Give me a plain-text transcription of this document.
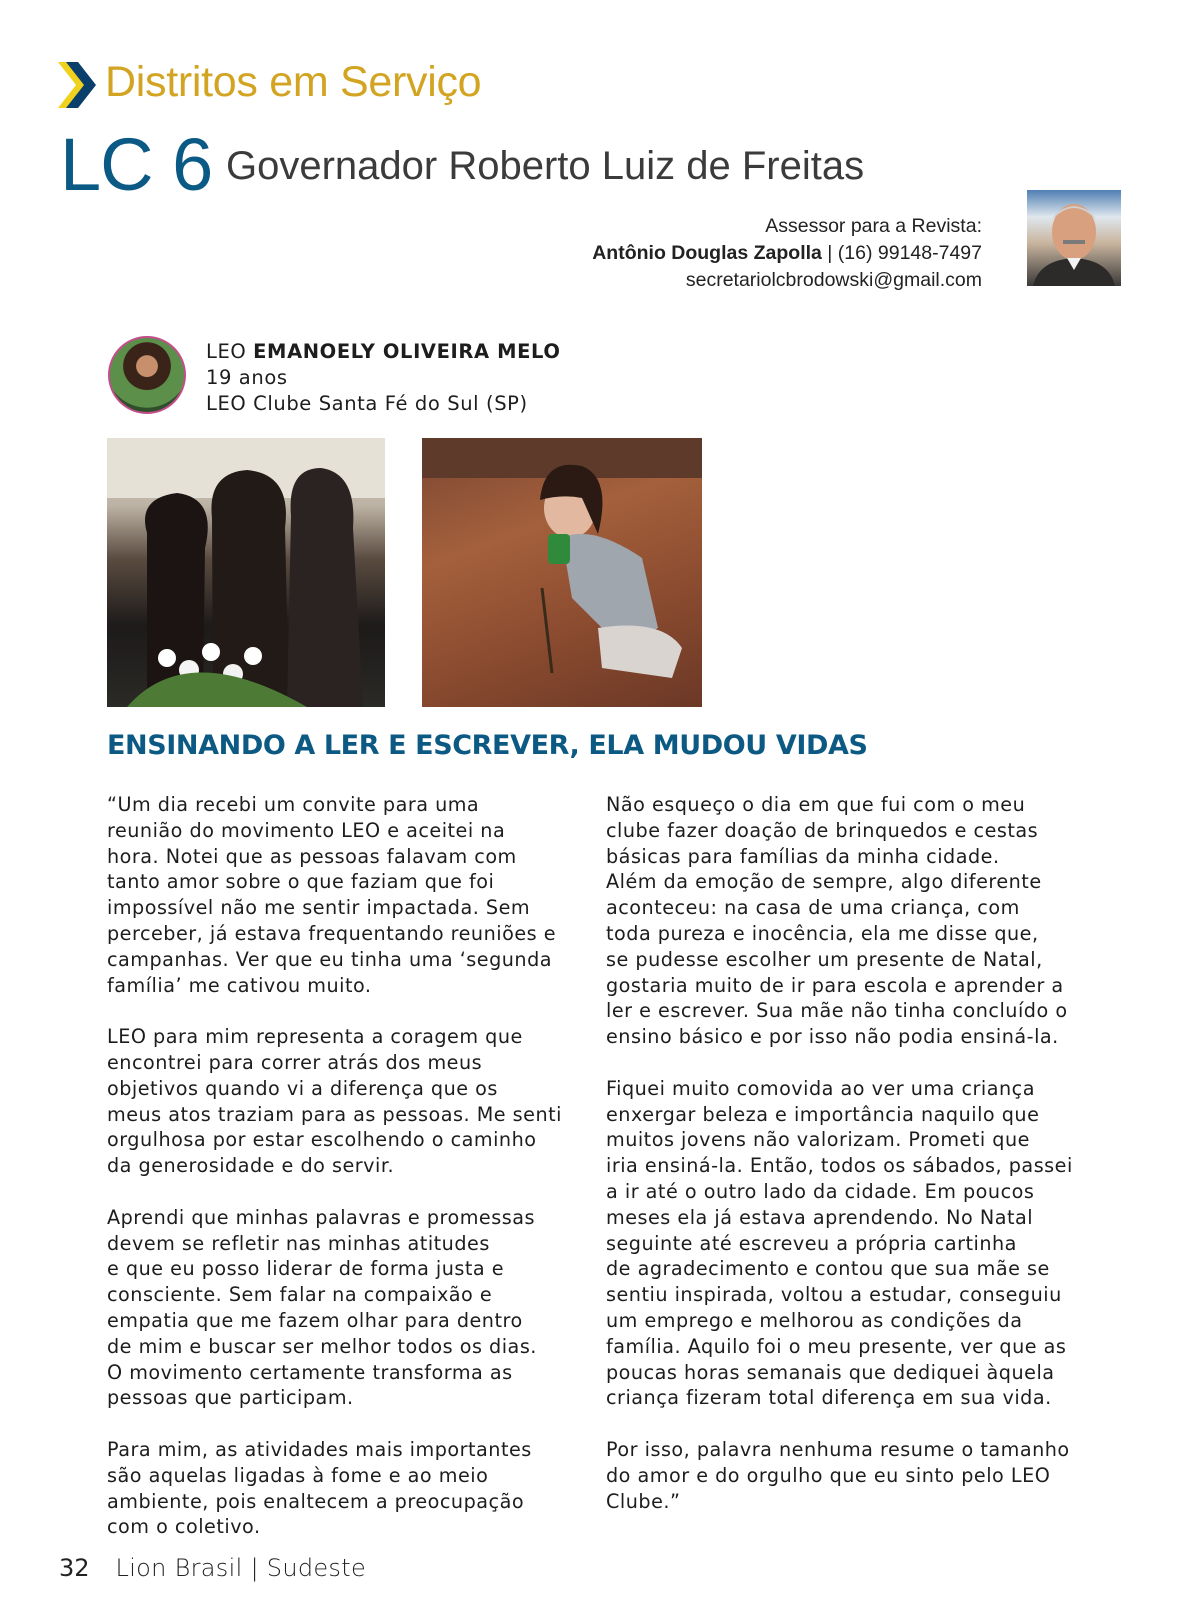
Distritos em Serviço
LC 6 Governador Roberto Luiz de Freitas
Assessor para a Revista:
Antônio Douglas Zapolla | (16) 99148-7497
secretariolcbrodowski@gmail.com
LEO EMANOELY OLIVEIRA MELO
19 anos
LEO Clube Santa Fé do Sul (SP)
ENSINANDO A LER E ESCREVER, ELA MUDOU VIDAS

“Um dia recebi um convite para uma
reunião do movimento LEO e aceitei na
hora. Notei que as pessoas falavam com
tanto amor sobre o que faziam que foi
impossível não me sentir impactada. Sem
perceber, já estava frequentando reuniões e
campanhas. Ver que eu tinha uma ‘segunda
família’ me cativou muito.

LEO para mim representa a coragem que
encontrei para correr atrás dos meus
objetivos quando vi a diferença que os
meus atos traziam para as pessoas. Me senti
orgulhosa por estar escolhendo o caminho
da generosidade e do servir.

Aprendi que minhas palavras e promessas
devem se refletir nas minhas atitudes
e que eu posso liderar de forma justa e
consciente. Sem falar na compaixão e
empatia que me fazem olhar para dentro
de mim e buscar ser melhor todos os dias.
O movimento certamente transforma as
pessoas que participam.

Para mim, as atividades mais importantes
são aquelas ligadas à fome e ao meio
ambiente, pois enaltecem a preocupação
com o coletivo.

Não esqueço o dia em que fui com o meu
clube fazer doação de brinquedos e cestas
básicas para famílias da minha cidade.
Além da emoção de sempre, algo diferente
aconteceu: na casa de uma criança, com
toda pureza e inocência, ela me disse que,
se pudesse escolher um presente de Natal,
gostaria muito de ir para escola e aprender a
ler e escrever. Sua mãe não tinha concluído o
ensino básico e por isso não podia ensiná-la.

Fiquei muito comovida ao ver uma criança
enxergar beleza e importância naquilo que
muitos jovens não valorizam. Prometi que
iria ensiná-la. Então, todos os sábados, passei
a ir até o outro lado da cidade. Em poucos
meses ela já estava aprendendo. No Natal
seguinte até escreveu a própria cartinha
de agradecimento e contou que sua mãe se
sentiu inspirada, voltou a estudar, conseguiu
um emprego e melhorou as condições da
família. Aquilo foi o meu presente, ver que as
poucas horas semanais que dediquei àquela
criança fizeram total diferença em sua vida.

Por isso, palavra nenhuma resume o tamanho
do amor e do orgulho que eu sinto pelo LEO
Clube.”

32 Lion Brasil | Sudeste
